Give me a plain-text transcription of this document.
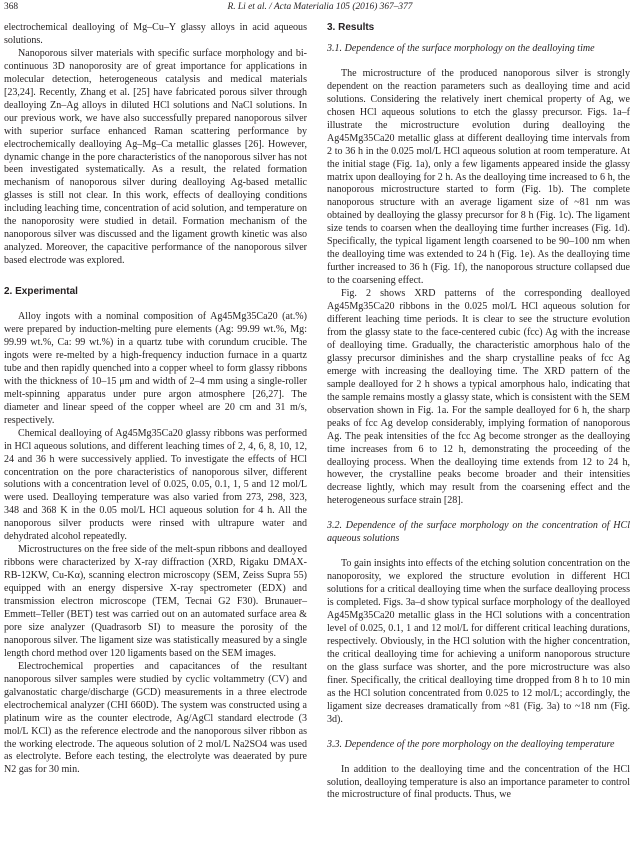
368	R. Li et al. / Acta Materialia 105 (2016) 367–377

electrochemical dealloying of Mg–Cu–Y glassy alloys in acid aqueous solutions.

Nanoporous silver materials with specific surface morphology and bi-continuous 3D nanoporosity are of great importance for applications in molecular detection, heterogeneous catalysis and medical materials [23,24]. Recently, Zhang et al. [25] have fabricated porous silver through dealloying Zn–Ag alloys in diluted HCl solutions and NaCl solutions. In our previous work, we have also successfully prepared nanoporous silver with superior surface enhanced Raman scattering performance by electrochemically dealloying Ag–Mg–Ca metallic glasses [26]. However, dynamic change in the pore characteristics of the nanoporous silver has not been investigated systematically. As a result, the related formation mechanism of nanoporous silver during dealloying Ag-based metallic glasses is still not clear. In this work, effects of dealloying conditions including leaching time, concentration of acid solution, and temperature on the nanoporosity were studied in detail. Formation mechanism of the nanoporous silver was discussed and the ligament growth kinetic was also analyzed. Moreover, the capacitive performance of the nanoporous silver based electrode was explored.

2. Experimental

Alloy ingots with a nominal composition of Ag45Mg35Ca20 (at.%) were prepared by induction-melting pure elements (Ag: 99.99 wt.%, Mg: 99.99 wt.%, Ca: 99 wt.%) in a quartz tube with corundum crucible. The ingots were re-melted by a high-frequency induction furnace in a quartz tube and then rapidly quenched into a copper wheel to form glassy ribbons with the thickness of 10–15 μm and width of 2–4 mm using a single-roller melt-spinning apparatus under pure argon atmosphere [26,27]. The diameter and linear speed of the copper wheel are 20 cm and 31 m/s, respectively.

Chemical dealloying of Ag45Mg35Ca20 glassy ribbons was performed in HCl aqueous solutions, and different leaching times of 2, 4, 6, 8, 10, 12, 24 and 36 h were successively applied. To investigate the effects of HCl concentration on the pore characteristics of nanoporous silver, different solutions with a concentration level of 0.025, 0.05, 0.1, 1, 5 and 12 mol/L were used. Dealloying temperature was also varied from 273, 298, 323, 348 and 368 K in the 0.05 mol/L HCl aqueous solution for 4 h. All the nanoporous silver products were rinsed with ultrapure water and dehydrated alcohol repeatedly.

Microstructures on the free side of the melt-spun ribbons and dealloyed ribbons were characterized by X-ray diffraction (XRD, Rigaku DMAX-RB-12KW, Cu-Kα), scanning electron microscopy (SEM, Zeiss Supra 55) equipped with an energy dispersive X-ray spectrometer (EDX) and transmission electron microscope (TEM, Tecnai G2 F30). Brunauer–Emmett–Teller (BET) test was carried out on an automated surface area & pore size analyzer (Quadrasorb SI) to measure the porosity of the nanoporous silver. The ligament size was statistically measured by a single length chord method over 120 ligaments based on the SEM images.

Electrochemical properties and capacitances of the resultant nanoporous silver samples were studied by cyclic voltammetry (CV) and galvanostatic charge/discharge (GCD) measurements in a three electrode electrochemical analyzer (CHI 660D). The system was constructed using a platinum wire as the counter electrode, Ag/AgCl standard electrode (3 mol/L KCl) as the reference electrode and the nanoporous silver ribbon as the working electrode. The aqueous solution of 2 mol/L Na2SO4 was used as electrolyte. Before each testing, the electrolyte was deaerated by pure N2 gas for 30 min.

3. Results

3.1. Dependence of the surface morphology on the dealloying time

The microstructure of the produced nanoporous silver is strongly dependent on the reaction parameters such as dealloying time and acid solutions. Considering the relatively inert chemical property of Ag, we chosen HCl aqueous solutions to etch the glassy precursor. Figs. 1a–f illustrate the microstructure evolution during dealloying the Ag45Mg35Ca20 metallic glass at different dealloying time intervals from 2 to 36 h in the 0.025 mol/L HCl aqueous solution at room temperature. At the initial stage (Fig. 1a), only a few ligaments appeared inside the glassy matrix upon dealloying for 2 h. As the dealloying time increased to 6 h, the nanoporous microstructure started to form (Fig. 1b). The complete nanoporous structure with an average ligament size of ~81 nm was obtained by dealloying the glassy precursor for 8 h (Fig. 1c). The ligament size tends to coarsen when the dealloying time further increases (Fig. 1d). Specifically, the typical ligament length coarsened to be 90–100 nm when the dealloying time was extended to 24 h (Fig. 1e). As the dealloying time further increased to 36 h (Fig. 1f), the nanoporous structure collapsed due to the coarsening effect.

Fig. 2 shows XRD patterns of the corresponding dealloyed Ag45Mg35Ca20 ribbons in the 0.025 mol/L HCl aqueous solution for different leaching time periods. It is clear to see the structure evolution from the glassy state to the face-centered cubic (fcc) Ag with the increase of dealloying time. Gradually, the characteristic amorphous halo of the glassy precursor diminishes and the sharp crystalline peaks of fcc Ag emerge with increasing the dealloying time. The XRD pattern of the sample dealloyed for 2 h shows a typical amorphous halo, indicating that the sample remains mostly a glassy state, which is consistent with the SEM observation shown in Fig. 1a. For the sample dealloyed for 6 h, the sharp peaks of fcc Ag develop considerably, implying formation of nanoporous Ag. The peak intensities of the fcc Ag become stronger as the dealloying time increases from 6 to 12 h, demonstrating the proceeding of the dealloying process. When the dealloying time extends from 12 to 24 h, however, the crystalline peaks become broader and their intensities decrease lightly, which may result from the coarsening effect and the heterogeneous surface strain [28].

3.2. Dependence of the surface morphology on the concentration of HCl aqueous solutions

To gain insights into effects of the etching solution concentration on the nanoporosity, we explored the structure evolution in different HCl solutions for a critical dealloying time when the surface dealloying process is completed. Figs. 3a–d show typical surface morphology of the dealloyed Ag45Mg35Ca20 metallic glass in the HCl solutions with a concentration level of 0.025, 0.1, 1 and 12 mol/L for different critical leaching durations, respectively. Obviously, in the HCl solution with the higher concentration, the critical dealloying time for achieving a uniform nanoporous structure on the glass surface was shorter, and the pore microstructure was also finer. Specifically, the critical dealloying time dropped from 8 h to 10 min as the HCl solution concentrated from 0.025 to 12 mol/L; accordingly, the ligament size decreases dramatically from ~81 (Fig. 3a) to ~18 nm (Fig. 3d).

3.3. Dependence of the pore morphology on the dealloying temperature

In addition to the dealloying time and the concentration of the HCl solution, dealloying temperature is also an importance parameter to control the microstructure of final products. Thus, we
